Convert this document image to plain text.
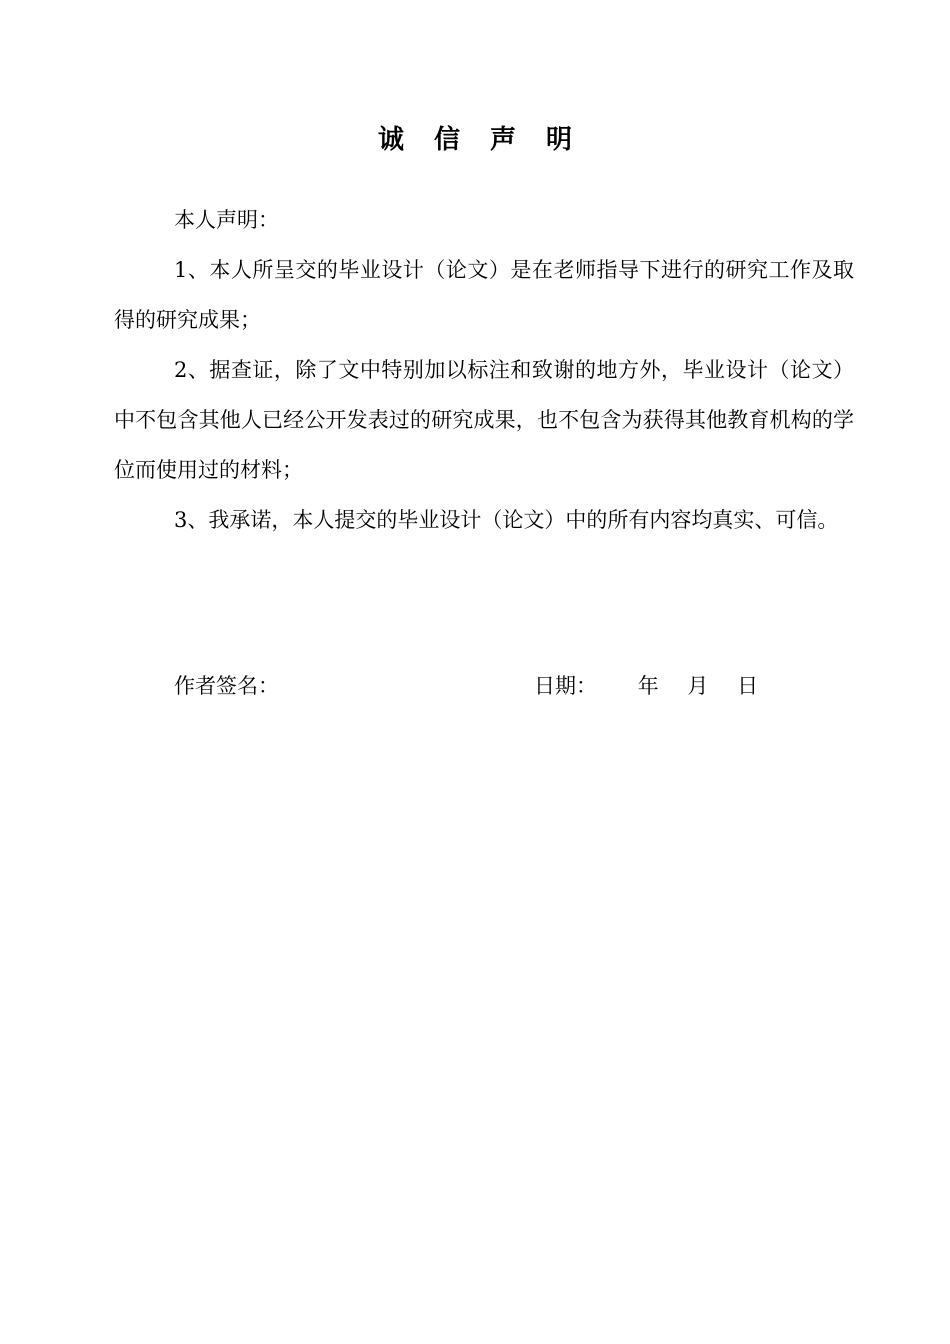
诚信声明

本人声明：

1、本人所呈交的毕业设计（论文）是在老师指导下进行的研究工作及取得的研究成果；

2、据查证，除了文中特别加以标注和致谢的地方外，毕业设计（论文）中不包含其他人已经公开发表过的研究成果，也不包含为获得其他教育机构的学位而使用过的材料；

3、我承诺，本人提交的毕业设计（论文）中的所有内容均真实、可信。

作者签名：	日期： 年 月 日
